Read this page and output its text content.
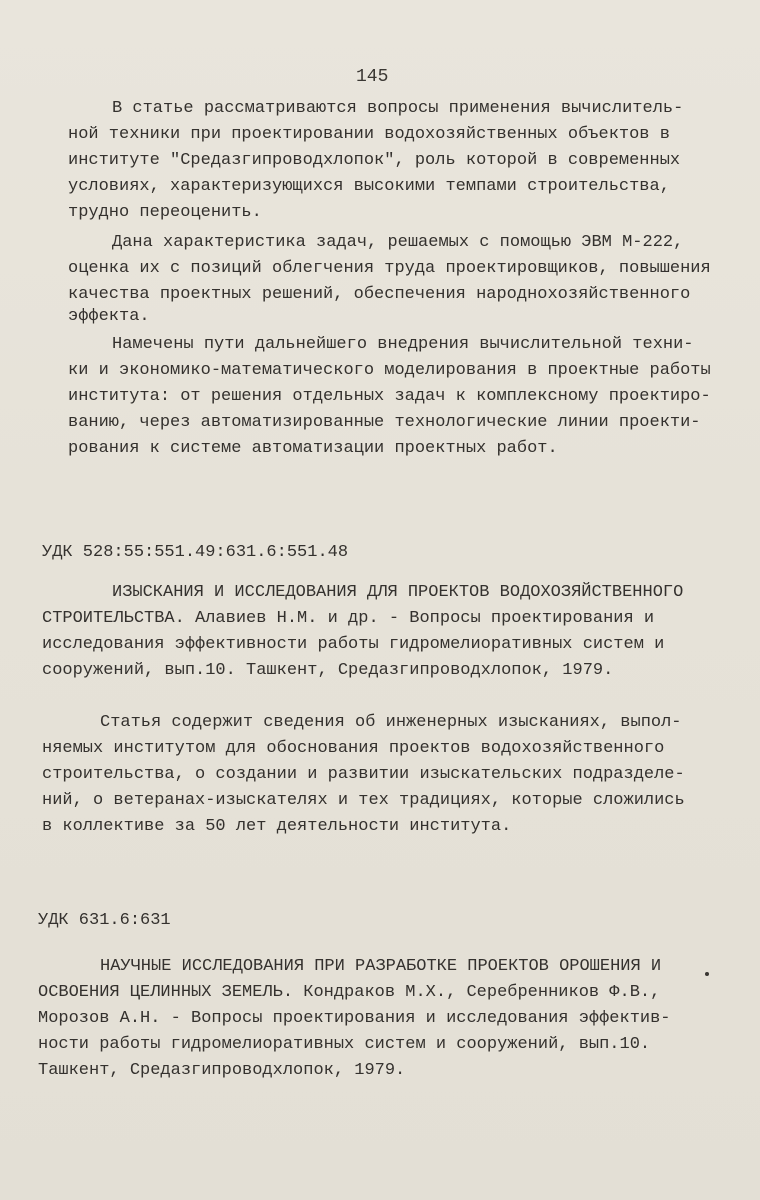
145
В статье рассматриваются вопросы применения вычислитель-
ной техники при проектировании водохозяйственных объектов в
институте "Средазгипроводхлопок", роль которой в современных
условиях, характеризующихся высокими темпами строительства,
трудно переоценить.
Дана характеристика задач, решаемых с помощью ЭВМ М-222,
оценка их с позиций облегчения труда проектировщиков, повышения
качества проектных решений, обеспечения народнохозяйственного
эффекта.
Намечены пути дальнейшего внедрения вычислительной техни-
ки и экономико-математического моделирования в проектные работы
института: от решения отдельных задач к комплексному проектиро-
ванию, через автоматизированные технологические линии проекти-
рования к системе автоматизации проектных работ.
УДК 528:55:551.49:631.6:551.48
ИЗЫСКАНИЯ И ИССЛЕДОВАНИЯ ДЛЯ ПРОЕКТОВ ВОДОХОЗЯЙСТВЕННОГО
СТРОИТЕЛЬСТВА. Алавиев Н.М. и др. - Вопросы проектирования и
исследования эффективности работы гидромелиоративных систем и
сооружений, вып.10. Ташкент, Средазгипроводхлопок, 1979.
Статья содержит сведения об инженерных изысканиях, выпол-
няемых институтом для обоснования проектов водохозяйственного
строительства, о создании и развитии изыскательских подразделе-
ний, о ветеранах-изыскателях и тех традициях, которые сложились
в коллективе за 50 лет деятельности института.
УДК 631.6:631
НАУЧНЫЕ ИССЛЕДОВАНИЯ ПРИ РАЗРАБОТКЕ ПРОЕКТОВ ОРОШЕНИЯ И
ОСВОЕНИЯ ЦЕЛИННЫХ ЗЕМЕЛЬ. Кондраков М.Х., Серебренников Ф.В.,
Морозов А.Н. - Вопросы проектирования и исследования эффектив-
ности работы гидромелиоративных систем и сооружений, вып.10.
Ташкент, Средазгипроводхлопок, 1979.
